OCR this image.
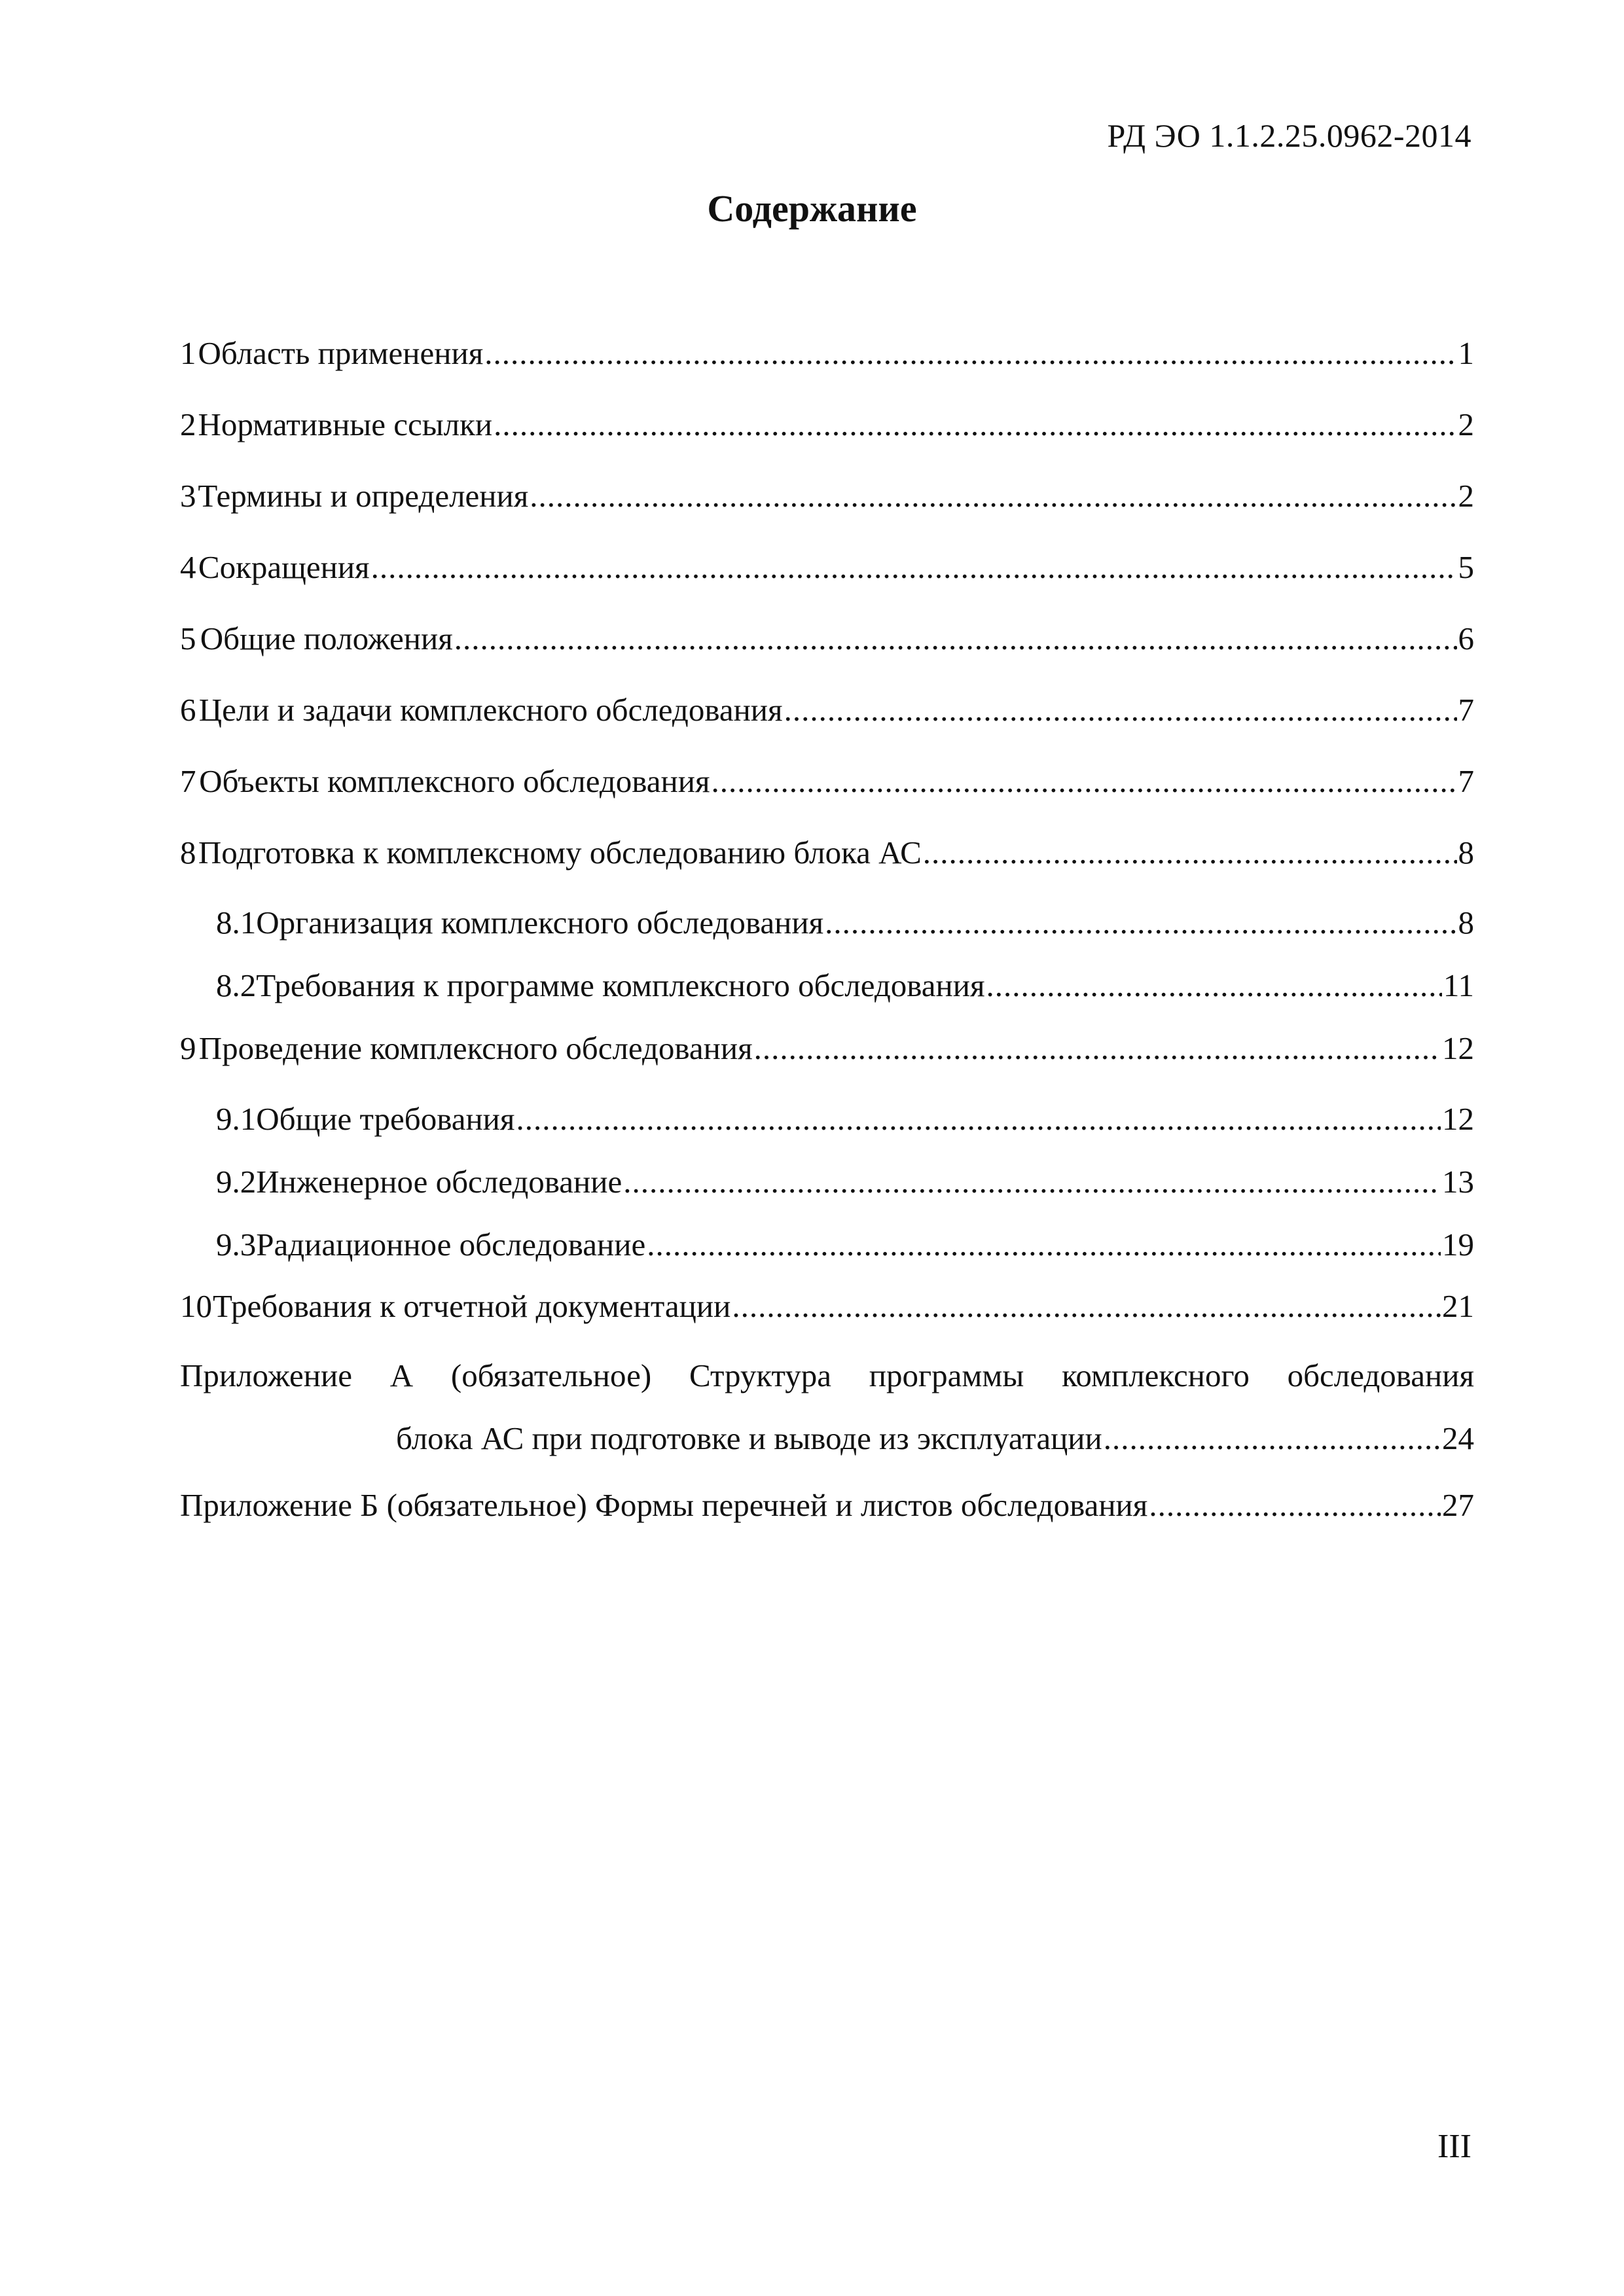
РД ЭО 1.1.2.25.0962-2014
Содержание
1 Область применения .....	1
2 Нормативные ссылки .....	2
3 Термины и определения .....	2
4 Сокращения .....	5
5 Общие положения .....	6
6 Цели и задачи комплексного обследования .....	7
7 Объекты комплексного обследования .....	7
8 Подготовка к комплексному обследованию блока АС .....	8
8.1 Организация комплексного обследования .....	8
8.2 Требования к программе комплексного обследования .....	11
9 Проведение комплексного обследования .....	12
9.1 Общие требования .....	12
9.2 Инженерное обследование .....	13
9.3 Радиационное обследование .....	19
10 Требования к отчетной документации .....	21
Приложение А (обязательное) Структура программы комплексного обследования
блока АС при подготовке и выводе из эксплуатации .....	24
Приложение Б (обязательное) Формы перечней и листов обследования .....	27
III
